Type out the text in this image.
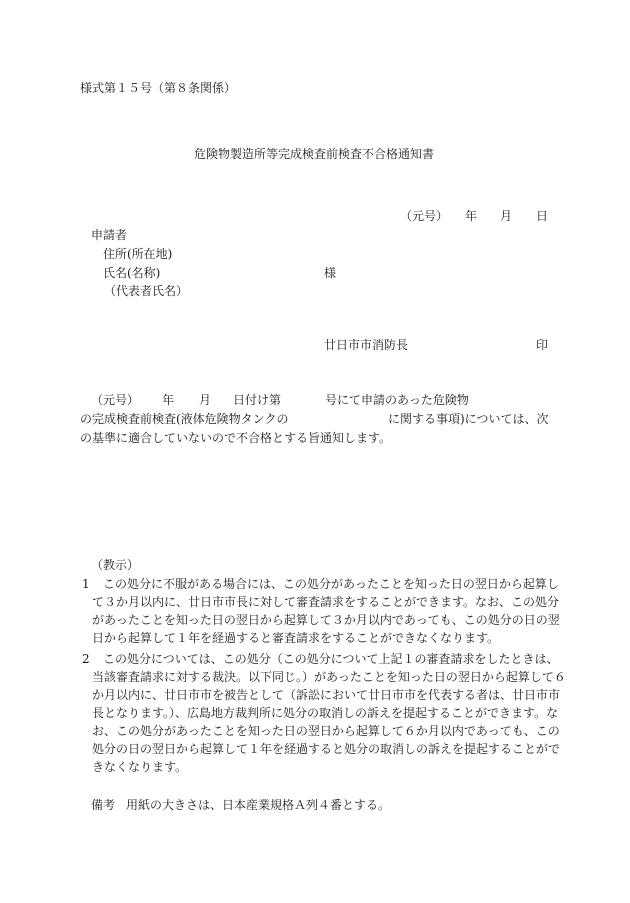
様式第１５号（第８条関係）
危険物製造所等完成検査前検査不合格通知書
（元号） 年 月 日
申請者
住所(所在地)
氏名(名称)	様
（代表者氏名）
廿日市市消防長	印
（元号） 年 月 日付け第	号にて申請のあった危険物
の完成検査前検査(液体危険物タンクの	に関する事項)については、次
の基準に適合していないので不合格とする旨通知します。
（教示）
1	この処分に不服がある場合には、この処分があったことを知った日の翌日から起算し
て３か月以内に、廿日市市長に対して審査請求をすることができます。なお、この処分
があったことを知った日の翌日から起算して３か月以内であっても、この処分の日の翌
日から起算して１年を経過すると審査請求をすることができなくなります。
2	この処分については、この処分（この処分について上記１の審査請求をしたときは、
当該審査請求に対する裁決。以下同じ。）があったことを知った日の翌日から起算して６
か月以内に、廿日市市を被告として（訴訟において廿日市市を代表する者は、廿日市市
長となります。）、広島地方裁判所に処分の取消しの訴えを提起することができます。な
お、この処分があったことを知った日の翌日から起算して６か月以内であっても、この
処分の日の翌日から起算して１年を経過すると処分の取消しの訴えを提起することがで
きなくなります。
備考 用紙の大きさは、日本産業規格Ａ列４番とする。
